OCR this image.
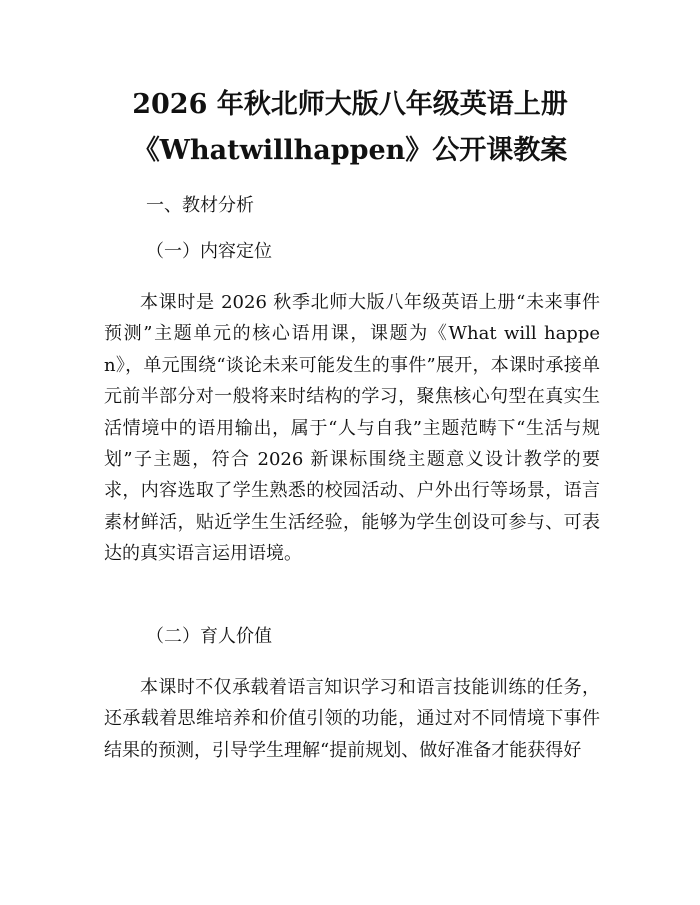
2026 年秋北师大版八年级英语上册
《Whatwillhappen》公开课教案
一、教材分析
（一）内容定位
本课时是 2026 秋季北师大版八年级英语上册“未来事件预测”主题单元的核心语用课，课题为《What will happen》，单元围绕“谈论未来可能发生的事件”展开，本课时承接单元前半部分对一般将来时结构的学习，聚焦核心句型在真实生活情境中的语用输出，属于“人与自我”主题范畴下“生活与规划”子主题，符合 2026 新课标围绕主题意义设计教学的要求，内容选取了学生熟悉的校园活动、户外出行等场景，语言素材鲜活，贴近学生生活经验，能够为学生创设可参与、可表达的真实语言运用语境。
（二）育人价值
本课时不仅承载着语言知识学习和语言技能训练的任务，还承载着思维培养和价值引领的功能，通过对不同情境下事件结果的预测，引导学生理解“提前规划、做好准备才能获得好
